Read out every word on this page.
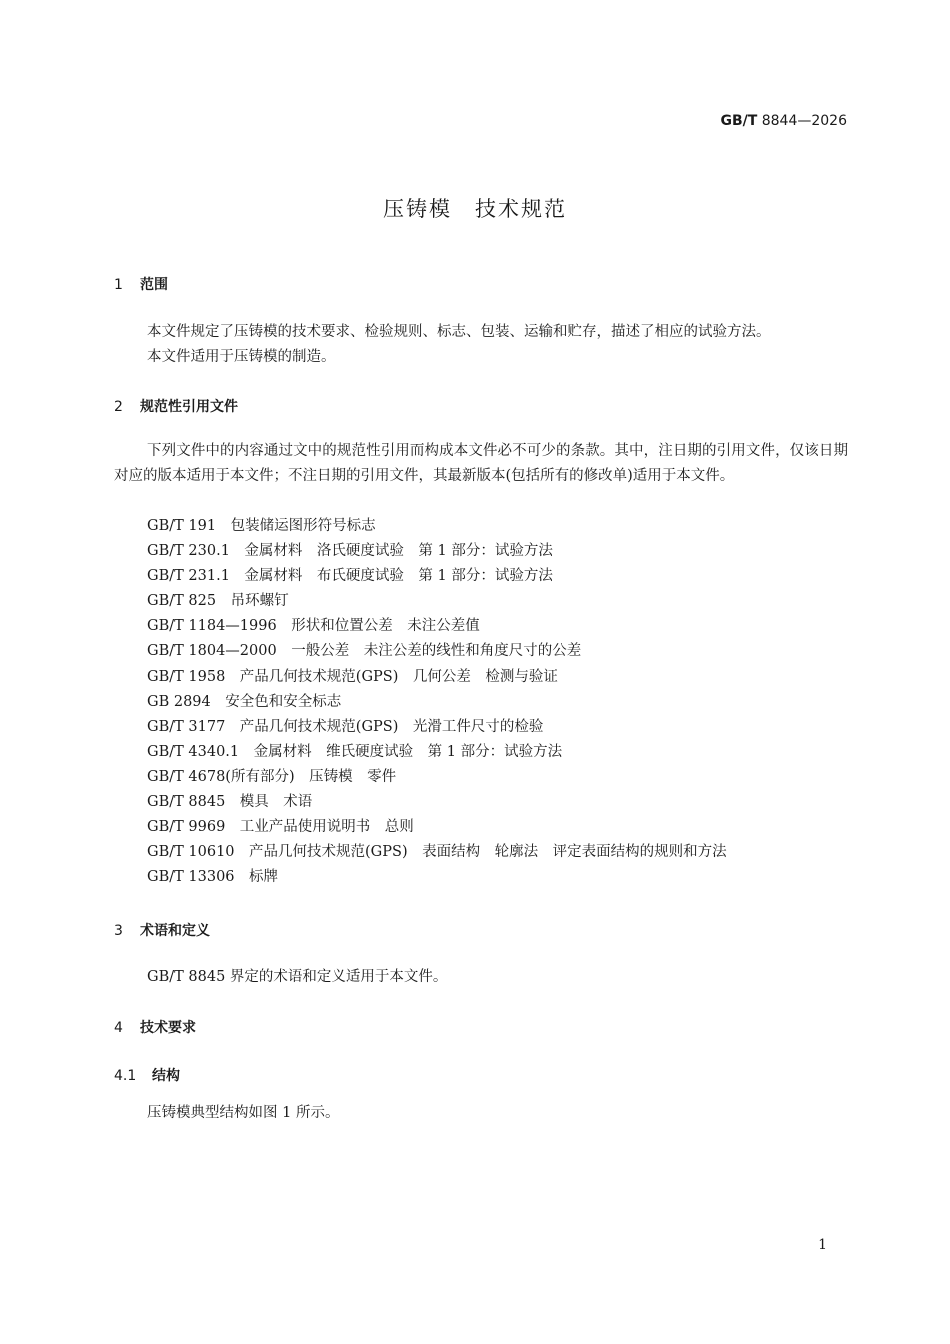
GB/T 8844—2026
压铸模　技术规范
1 范围
本文件规定了压铸模的技术要求、检验规则、标志、包装、运输和贮存，描述了相应的试验方法。
本文件适用于压铸模的制造。
2 规范性引用文件
下列文件中的内容通过文中的规范性引用而构成本文件必不可少的条款。其中，注日期的引用文件，仅该日期对应的版本适用于本文件；不注日期的引用文件，其最新版本(包括所有的修改单)适用于本文件。
GB/T 191　包装储运图形符号标志
GB/T 230.1　金属材料　洛氏硬度试验　第 1 部分：试验方法
GB/T 231.1　金属材料　布氏硬度试验　第 1 部分：试验方法
GB/T 825　吊环螺钉
GB/T 1184—1996　形状和位置公差　未注公差值
GB/T 1804—2000　一般公差　未注公差的线性和角度尺寸的公差
GB/T 1958　产品几何技术规范(GPS)　几何公差　检测与验证
GB 2894　安全色和安全标志
GB/T 3177　产品几何技术规范(GPS)　光滑工件尺寸的检验
GB/T 4340.1　金属材料　维氏硬度试验　第 1 部分：试验方法
GB/T 4678(所有部分)　压铸模　零件
GB/T 8845　模具　术语
GB/T 9969　工业产品使用说明书　总则
GB/T 10610　产品几何技术规范(GPS)　表面结构　轮廓法　评定表面结构的规则和方法
GB/T 13306　标牌
3 术语和定义
GB/T 8845 界定的术语和定义适用于本文件。
4 技术要求
4.1 结构
压铸模典型结构如图 1 所示。
1
